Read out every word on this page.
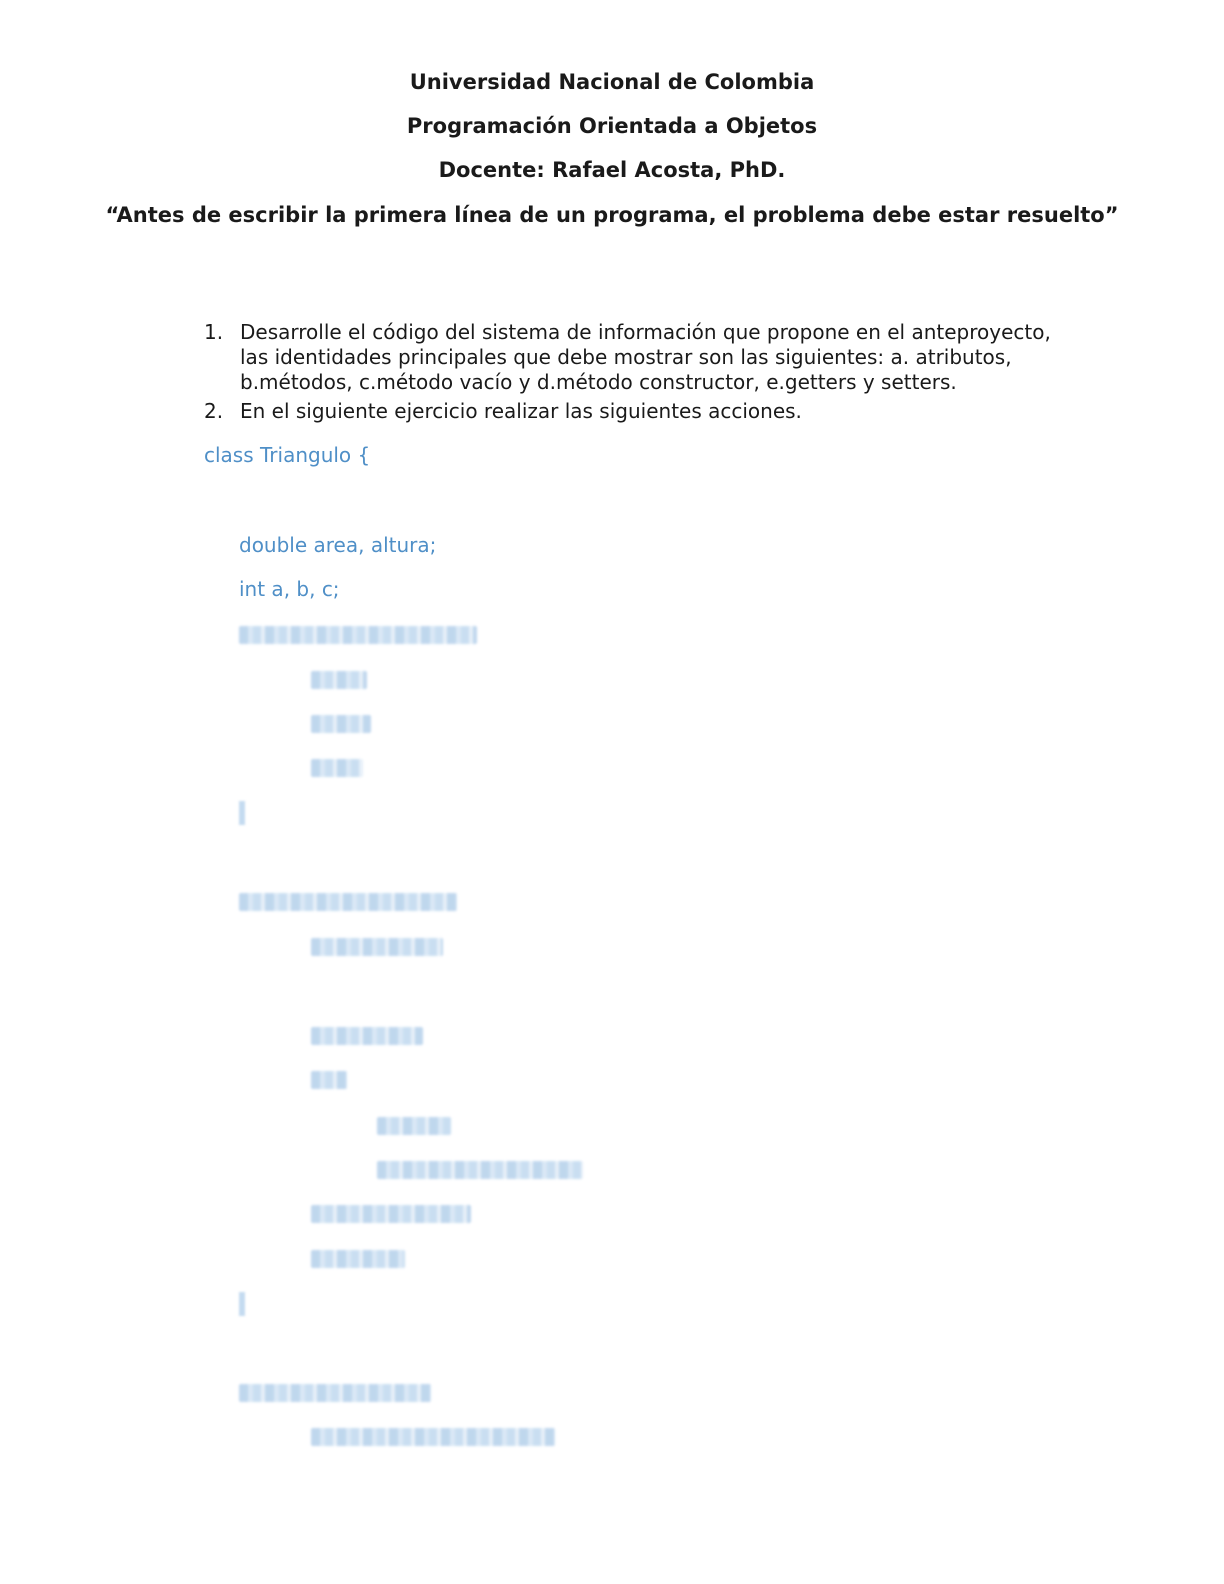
Universidad Nacional de Colombia
Programación Orientada a Objetos
Docente: Rafael Acosta, PhD.
“Antes de escribir la primera línea de un programa, el problema debe estar resuelto”
1. Desarrolle el código del sistema de información que propone en el anteproyecto, las identidades principales que debe mostrar son las siguientes: a. atributos, b.métodos, c.método vacío y d.método constructor, e.getters y setters.
2. En el siguiente ejercicio realizar las siguientes acciones.
class Triangulo {
double area, altura;
int a, b, c;
